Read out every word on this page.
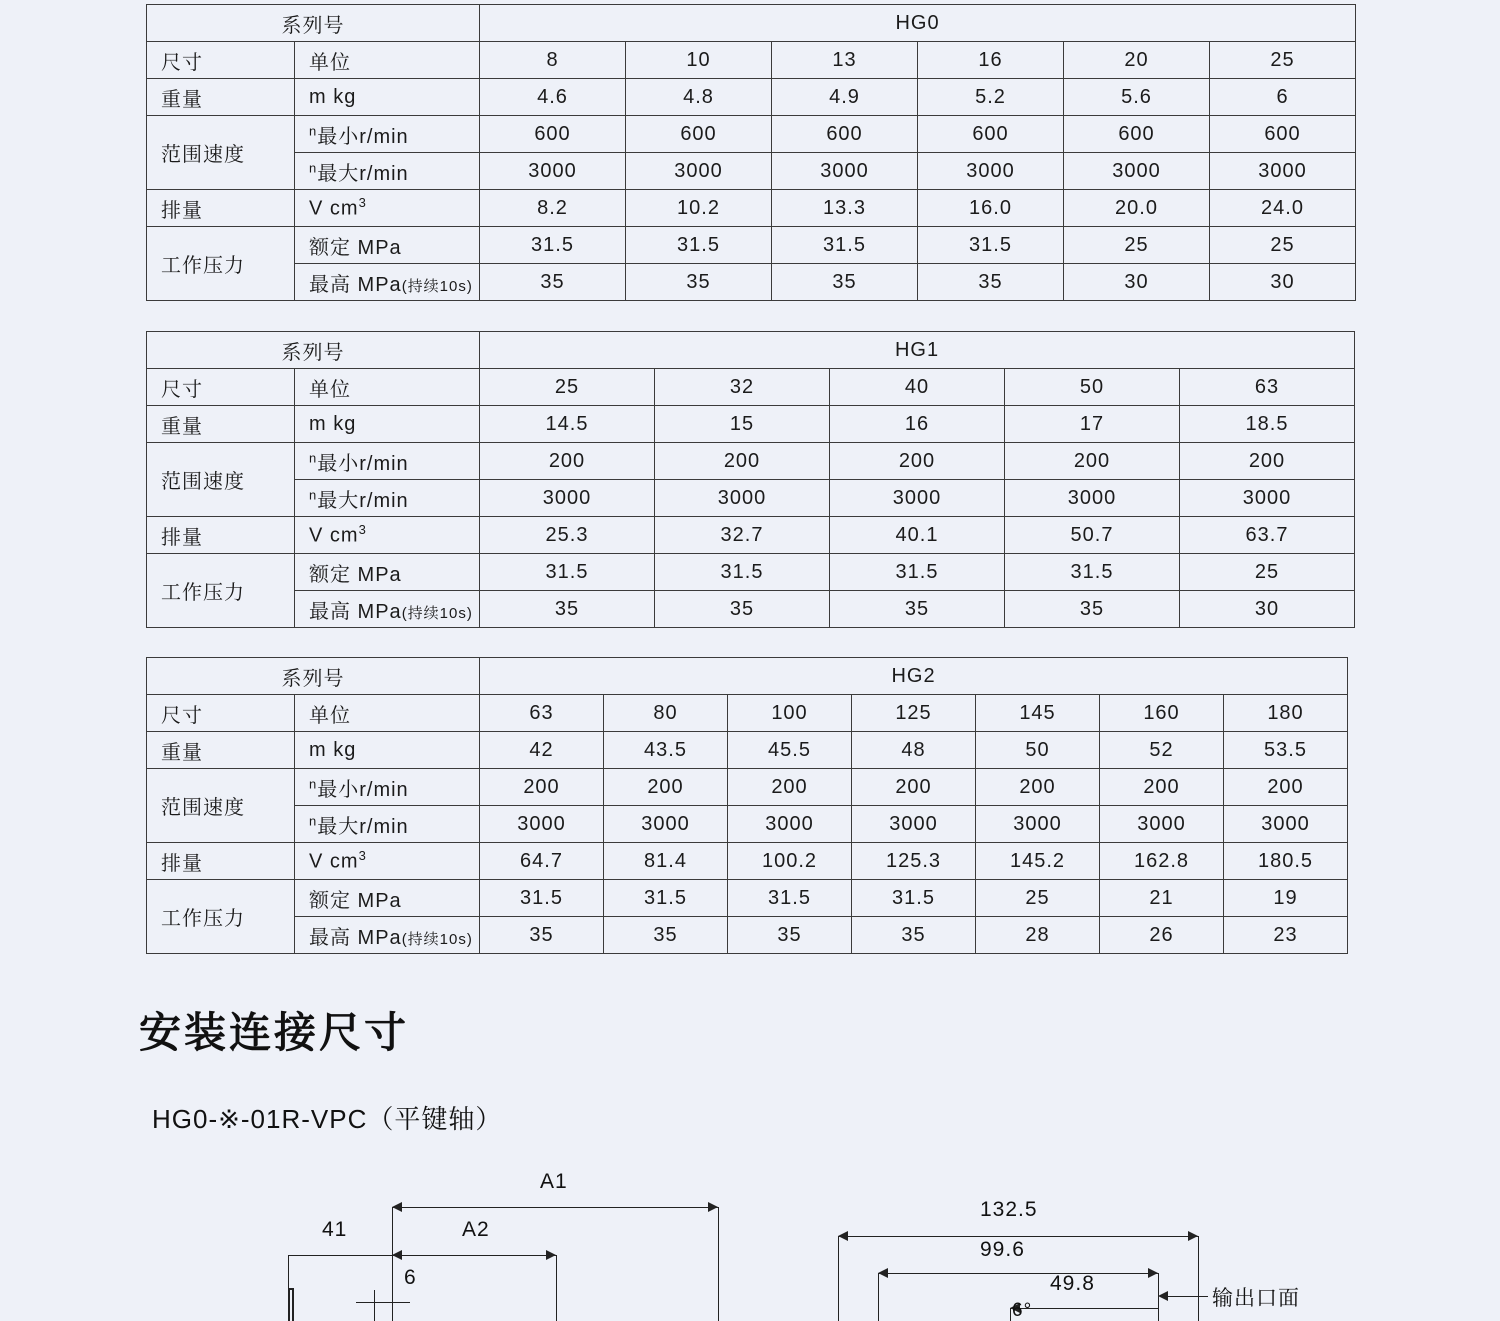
系列号		HG0					
尺寸	单位	8	10	13	16	20	25
重量	m kg	4.6	4.8	4.9	5.2	5.6	6
范围速度	$^n$最小r/min	600	600	600	600	600	600
	$^n$最大r/min	3000	3000	3000	3000	3000	3000
排量	V $cm^3$	8.2	10.2	13.3	16.0	20.0	24.0
工作压力	额定 MPa	31.5	31.5	31.5	31.5	25	25
	最高 MPa(持续10s)	35	35	35	35	30	30
系列号		HG1				
尺寸	单位	25	32	40	50	63
重量	m kg	14.5	15	16	17	18.5
范围速度	$^n$最小r/min	200	200	200	200	200
	$^n$最大r/min	3000	3000	3000	3000	3000
排量	V $cm^3$	25.3	32.7	40.1	50.7	63.7
工作压力	额定 MPa	31.5	31.5	31.5	31.5	25
	最高 MPa(持续10s)	35	35	35	35	30
系列号		HG2						
尺寸	单位	63	80	100	125	145	160	180
重量	m kg	42	43.5	45.5	48	50	52	53.5
范围速度	$^n$最小r/min	200	200	200	200	200	200	200
	$^n$最大r/min	3000	3000	3000	3000	3000	3000	3000
排量	V $cm^3$	64.7	81.4	100.2	125.3	145.2	162.8	180.5
工作压力	额定 MPa	31.5	31.5	31.5	31.5	25	21	19
	最高 MPa(持续10s)	35	35	35	35	28	26	23
安装连接尺寸
HG0-※-01R-VPC（平键轴）
A1
41	A2
6
132.5
99.6
49.8
6°
输出口面
